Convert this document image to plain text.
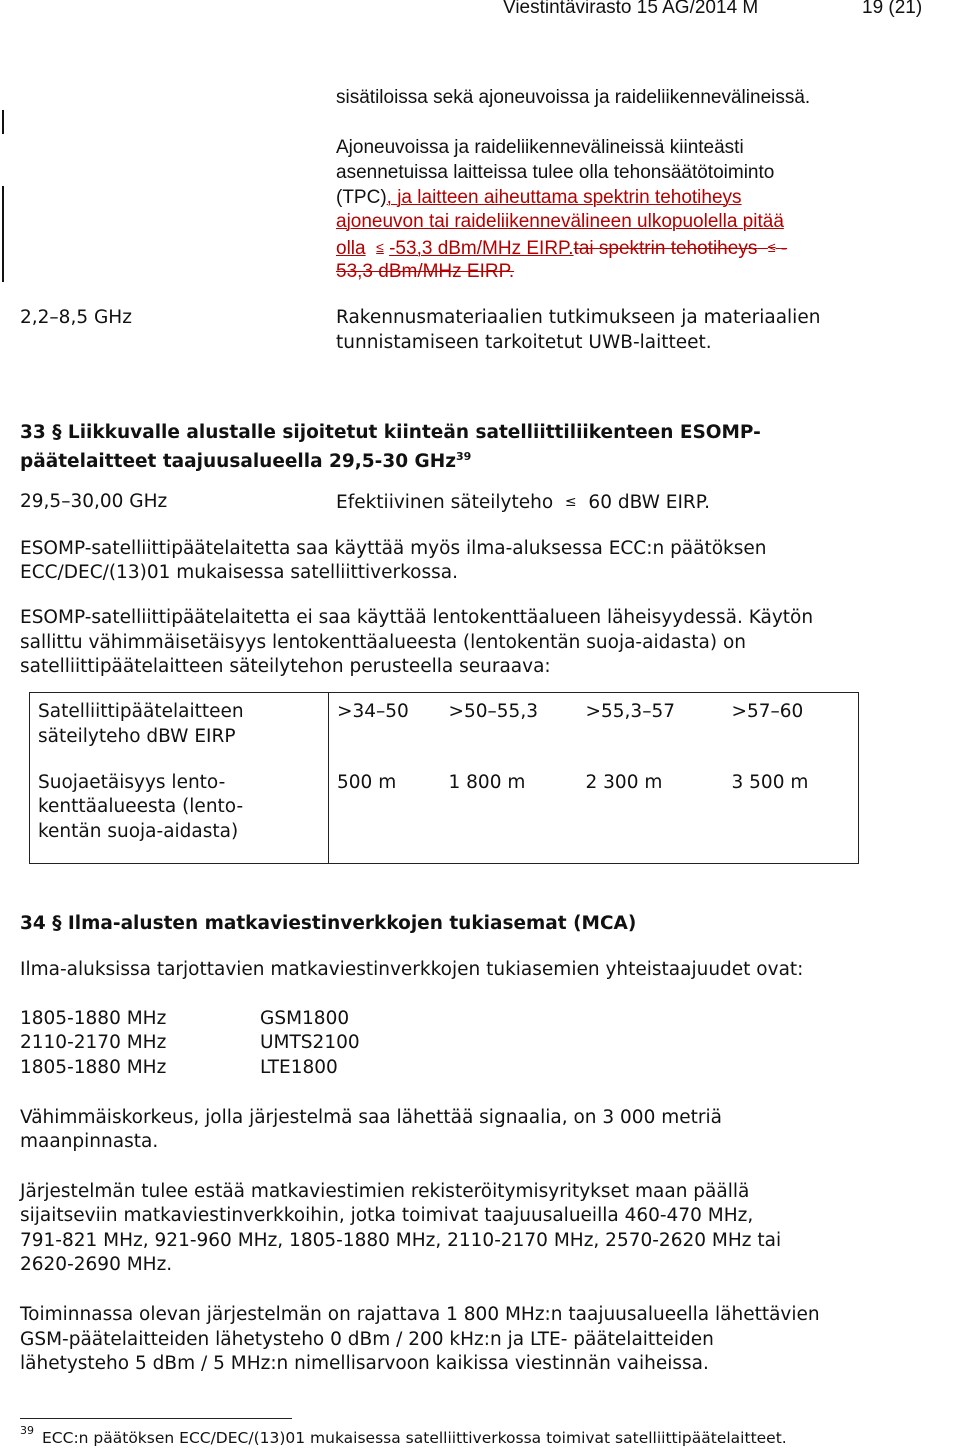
Viestintävirasto 15 AG/2014 M	19 (21)
sisätiloissa sekä ajoneuvoissa ja raideliikennevälineissä.
Ajoneuvoissa ja raideliikennevälineissä kiinteästi
asennetuissa laitteissa tulee olla tehonsäätötoiminto
(TPC), ja laitteen aiheuttama spektrin tehotiheys
ajoneuvon tai raideliikennevälineen ulkopuolella pitää
olla ≤ -53,3 dBm/MHz EIRP.tai spektrin tehotiheys ≤ -
53,3 dBm/MHz EIRP.
2,2–8,5 GHz	Rakennusmateriaalien tutkimukseen ja materiaalien
tunnistamiseen tarkoitetut UWB-laitteet.
33 § Liikkuvalle alustalle sijoitetut kiinteän satelliittiliikenteen ESOMP-
päätelaitteet taajuusalueella 29,5-30 GHz$^{39}$
29,5–30,00 GHz	Efektiivinen säteilyteho ≤ 60 dBW EIRP.
ESOMP-satelliittipäätelaitetta saa käyttää myös ilma-aluksessa ECC:n päätöksen
ECC/DEC/(13)01 mukaisessa satelliittiverkossa.
ESOMP-satelliittipäätelaitetta ei saa käyttää lentokenttäalueen läheisyydessä. Käytön
sallittu vähimmäisetäisyys lentokenttäalueesta (lentokentän suoja-aidasta) on
satelliittipäätelaitteen säteilytehon perusteella seuraava:
Satelliittipäätelaitteen
säteilyteho dBW EIRP	>34–50	>50–55,3	>55,3–57	>57–60

Suojaetäisyys lento-
kenttäalueesta (lento-
kentän suoja-aidasta)	500 m	1 800 m	2 300 m	3 500 m
34 § Ilma-alusten matkaviestinverkkojen tukiasemat (MCA)
Ilma-aluksissa tarjottavien matkaviestinverkkojen tukiasemien yhteistaajuudet ovat:
1805-1880 MHz	GSM1800
2110-2170 MHz	UMTS2100
1805-1880 MHz	LTE1800
Vähimmäiskorkeus, jolla järjestelmä saa lähettää signaalia, on 3 000 metriä
maanpinnasta.
Järjestelmän tulee estää matkaviestimien rekisteröitymisyritykset maan päällä
sijaitseviin matkaviestinverkkoihin, jotka toimivat taajuusalueilla 460-470 MHz,
791-821 MHz, 921-960 MHz, 1805-1880 MHz, 2110-2170 MHz, 2570-2620 MHz tai
2620-2690 MHz.
Toiminnassa olevan järjestelmän on rajattava 1 800 MHz:n taajuusalueella lähettävien
GSM-päätelaitteiden lähetysteho 0 dBm / 200 kHz:n ja LTE- päätelaitteiden
lähetysteho 5 dBm / 5 MHz:n nimellisarvoon kaikissa viestinnän vaiheissa.
39 ECC:n päätöksen ECC/DEC/(13)01 mukaisessa satelliittiverkossa toimivat satelliittipäätelaitteet.
